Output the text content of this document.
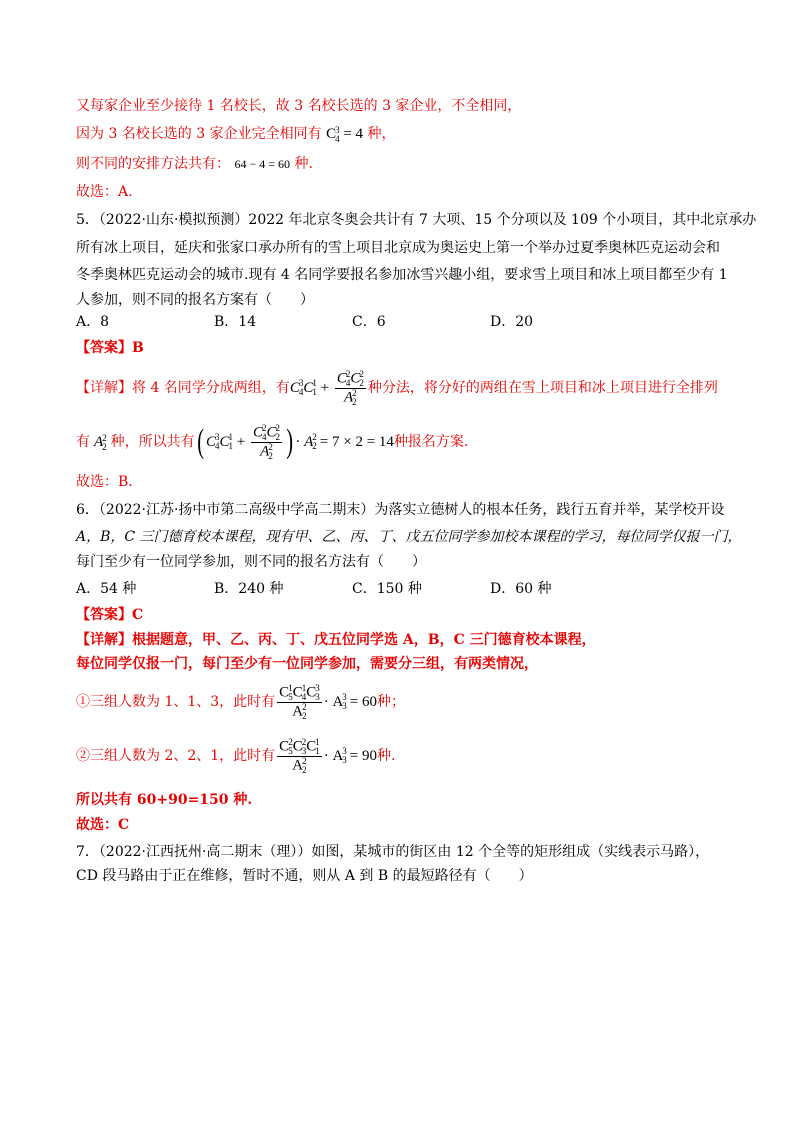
又每家企业至少接待 1 名校长，故 3 名校长选的 3 家企业，不全相同，
因为 3 名校长选的 3 家企业完全相同有 C 3
4 = 4 种，
则不同的安排方法共有： 64 − 4 = 60 种.
故选：A.
5．（2022·山东·模拟预测）2022 年北京冬奥会共计有 7 大项、15 个分项以及 109 个小项目，其中北京承办
所有冰上项目，延庆和张家口承办所有的雪上项目北京成为奥运史上第一个举办过夏季奥林匹克运动会和
冬季奥林匹克运动会的城市.现有 4 名同学要报名参加冰雪兴趣小组，要求雪上项目和冰上项目都至少有 1
人参加，则不同的报名方案有（　　）
A．8	B．14	C．6	D．20
【答案】B
【详解】将 4 名同学分成两组，有 C 3
4 C 1
1 + C 2
4 C 2
2
A 2
2 种分法，将分好的两组在雪上项目和冰上项目进行全排列
有 A 2
2 种，所以共有 ( C 3
4 C 1
1 + C 2
4 C 2
2
A 2
2 ) · A 2
2 = 7 × 2 = 14 种报名方案.
故选：B.
6．（2022·江苏·扬中市第二高级中学高二期末）为落实立德树人的根本任务，践行五育并举，某学校开设
A，B，C 三门德育校本课程，现有甲、乙、丙、丁、戊五位同学参加校本课程的学习，每位同学仅报一门，
每门至少有一位同学参加，则不同的报名方法有（　　）
A．54 种	B．240 种	C．150 种	D．60 种
【答案】C
【详解】根据题意，甲、乙、丙、丁、戊五位同学选 A，B，C 三门德育校本课程，
每位同学仅报一门，每门至少有一位同学参加，需要分三组，有两类情况，
①三组人数为 1、1、3，此时有 C 1
5 C 1
4 C 3
3
A 2
2 · A 3
3 = 60 种；
②三组人数为 2、2、1，此时有 C 2
5 C 2
3 C 1
1
A 2
2 · A 3
3 = 90 种.
所以共有 60+90=150 种.
故选：C
7．（2022·江西抚州·高二期末（理））如图，某城市的街区由 12 个全等的矩形组成（实线表示马路），
CD 段马路由于正在维修，暂时不通，则从 A 到 B 的最短路径有（　　）
